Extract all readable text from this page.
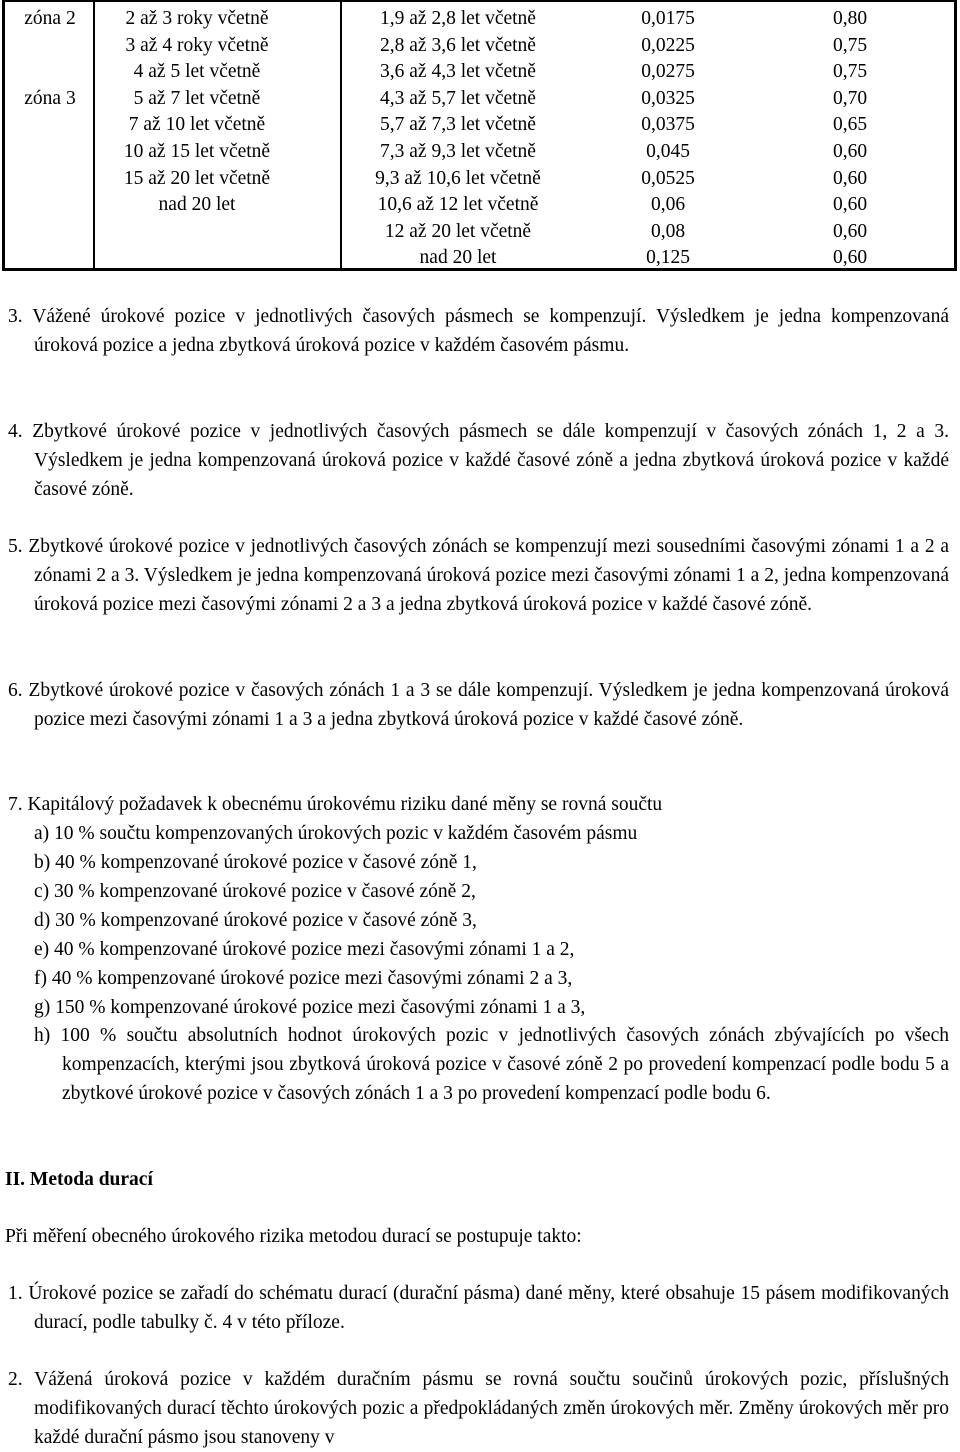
zóna 2
zóna 3
2 až 3 roky včetně
3 až 4 roky včetně
4 až 5 let včetně
5 až 7 let včetně
7 až 10 let včetně
10 až 15 let včetně
15 až 20 let včetně
nad 20 let
1,9 až 2,8 let včetně
2,8 až 3,6 let včetně
3,6 až 4,3 let včetně
4,3 až 5,7 let včetně
5,7 až 7,3 let včetně
7,3 až 9,3 let včetně
9,3 až 10,6 let včetně
10,6 až 12 let včetně
12 až 20 let včetně
nad 20 let
0,0175
0,0225
0,0275
0,0325
0,0375
0,045
0,0525
0,06
0,08
0,125
0,80
0,75
0,75
0,70
0,65
0,60
0,60
0,60
0,60
0,60

3. Vážené úrokové pozice v jednotlivých časových pásmech se kompenzují. Výsledkem je jedna kompenzovaná úroková pozice a jedna zbytková úroková pozice v každém časovém pásmu.

4. Zbytkové úrokové pozice v jednotlivých časových pásmech se dále kompenzují v časových zónách 1, 2 a 3. Výsledkem je jedna kompenzovaná úroková pozice v každé časové zóně a jedna zbytková úroková pozice v každé časové zóně.

5. Zbytkové úrokové pozice v jednotlivých časových zónách se kompenzují mezi sousedními časovými zónami 1 a 2 a zónami 2 a 3. Výsledkem je jedna kompenzovaná úroková pozice mezi časovými zónami 1 a 2, jedna kompenzovaná úroková pozice mezi časovými zónami 2 a 3 a jedna zbytková úroková pozice v každé časové zóně.

6. Zbytkové úrokové pozice v časových zónách 1 a 3 se dále kompenzují. Výsledkem je jedna kompenzovaná úroková pozice mezi časovými zónami 1 a 3 a jedna zbytková úroková pozice v každé časové zóně.

7. Kapitálový požadavek k obecnému úrokovému riziku dané měny se rovná součtu

a) 10 % součtu kompenzovaných úrokových pozic v každém časovém pásmu

b) 40 % kompenzované úrokové pozice v časové zóně 1,

c) 30 % kompenzované úrokové pozice v časové zóně 2,

d) 30 % kompenzované úrokové pozice v časové zóně 3,

e) 40 % kompenzované úrokové pozice mezi časovými zónami 1 a 2,

f) 40 % kompenzované úrokové pozice mezi časovými zónami 2 a 3,

g) 150 % kompenzované úrokové pozice mezi časovými zónami 1 a 3,

h) 100 % součtu absolutních hodnot úrokových pozic v jednotlivých časových zónách zbývajících po všech kompenzacích, kterými jsou zbytková úroková pozice v časové zóně 2 po provedení kompenzací podle bodu 5 a zbytkové úrokové pozice v časových zónách 1 a 3 po provedení kompenzací podle bodu 6.

II. Metoda durací

Při měření obecného úrokového rizika metodou durací se postupuje takto:

1. Úrokové pozice se zařadí do schématu durací (durační pásma) dané měny, které obsahuje 15 pásem modifikovaných durací, podle tabulky č. 4 v této příloze.

2. Vážená úroková pozice v každém duračním pásmu se rovná součtu součinů úrokových pozic, příslušných modifikovaných durací těchto úrokových pozic a předpokládaných změn úrokových měr. Změny úrokových měr pro každé durační pásmo jsou stanoveny v
